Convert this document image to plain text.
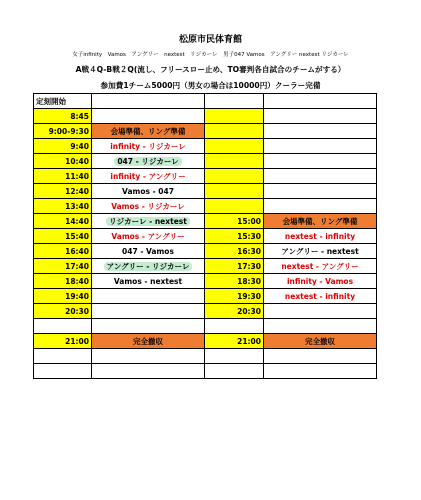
松原市民体育館
女子infinity　Vamos　アングリー　nextest　リジカーレ　男子047 Vamos　アングリー nextest リジカーレ
A戦４Q-B戦２Q(流し、フリースロー止め、TO審判各自試合のチームがする）
参加費1チーム5000円（男女の場合は10000円）クーラー完備
定刻開始			
8:45			
9:00-9:30	会場準備、リング準備		
9:40	infinity - リジカーレ		
10:40	047 - リジカーレ		
11:40	infinity - アングリー		
12:40	Vamos - 047		
13:40	Vamos - リジカーレ		
14:40	リジカーレ - nextest	15:00	会場準備、リング準備
15:40	Vamos - アングリー	15:30	nextest - infinity
16:40	047 - Vamos	16:30	アングリー - nextest
17:40	アングリー - リジカーレ	17:30	nextest - アングリー
18:40	Vamos - nextest	18:30	infinity - Vamos
19:40		19:30	nextest - infinity
20:30		20:30	

21:00	完全撤収	21:00	完全撤収
